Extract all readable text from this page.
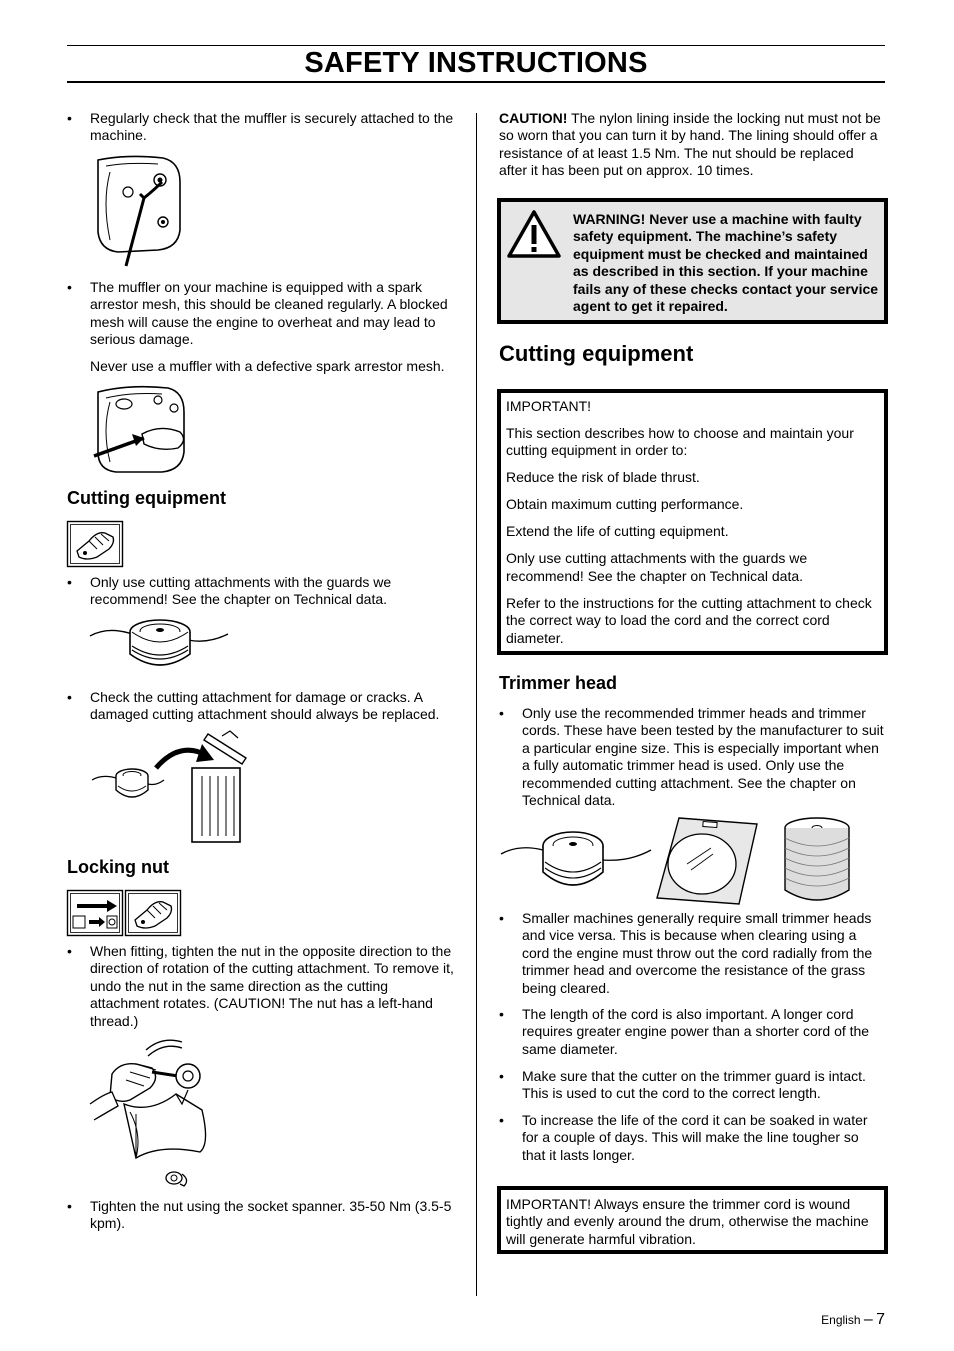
SAFETY INSTRUCTIONS
• Regularly check that the muffler is securely attached to the machine.
• The muffler on your machine is equipped with a spark arrestor mesh, this should be cleaned regularly. A blocked mesh will cause the engine to overheat and may lead to serious damage.
Never use a muffler with a defective spark arrestor mesh.
Cutting equipment
• Only use cutting attachments with the guards we recommend! See the chapter on Technical data.
• Check the cutting attachment for damage or cracks. A damaged cutting attachment should always be replaced.
Locking nut
• When fitting, tighten the nut in the opposite direction to the direction of rotation of the cutting attachment. To remove it, undo the nut in the same direction as the cutting attachment rotates. (CAUTION! The nut has a left-hand thread.)
• Tighten the nut using the socket spanner. 35-50 Nm (3.5-5 kpm).
CAUTION! The nylon lining inside the locking nut must not be so worn that you can turn it by hand. The lining should offer a resistance of at least 1.5 Nm. The nut should be replaced after it has been put on approx. 10 times.
WARNING! Never use a machine with faulty safety equipment. The machine’s safety equipment must be checked and maintained as described in this section. If your machine fails any of these checks contact your service agent to get it repaired.
Cutting equipment

IMPORTANT!

This section describes how to choose and maintain your cutting equipment in order to:

Reduce the risk of blade thrust.

Obtain maximum cutting performance.

Extend the life of cutting equipment.

Only use cutting attachments with the guards we recommend! See the chapter on Technical data.

Refer to the instructions for the cutting attachment to check the correct way to load the cord and the correct cord diameter.

Trimmer head
• Only use the recommended trimmer heads and trimmer cords. These have been tested by the manufacturer to suit a particular engine size. This is especially important when a fully automatic trimmer head is used. Only use the recommended cutting attachment. See the chapter on Technical data.
• Smaller machines generally require small trimmer heads and vice versa. This is because when clearing using a cord the engine must throw out the cord radially from the trimmer head and overcome the resistance of the grass being cleared.
• The length of the cord is also important. A longer cord requires greater engine power than a shorter cord of the same diameter.
• Make sure that the cutter on the trimmer guard is intact. This is used to cut the cord to the correct length.
• To increase the life of the cord it can be soaked in water for a couple of days. This will make the line tougher so that it lasts longer.
IMPORTANT! Always ensure the trimmer cord is wound tightly and evenly around the drum, otherwise the machine will generate harmful vibration.
English – 7
